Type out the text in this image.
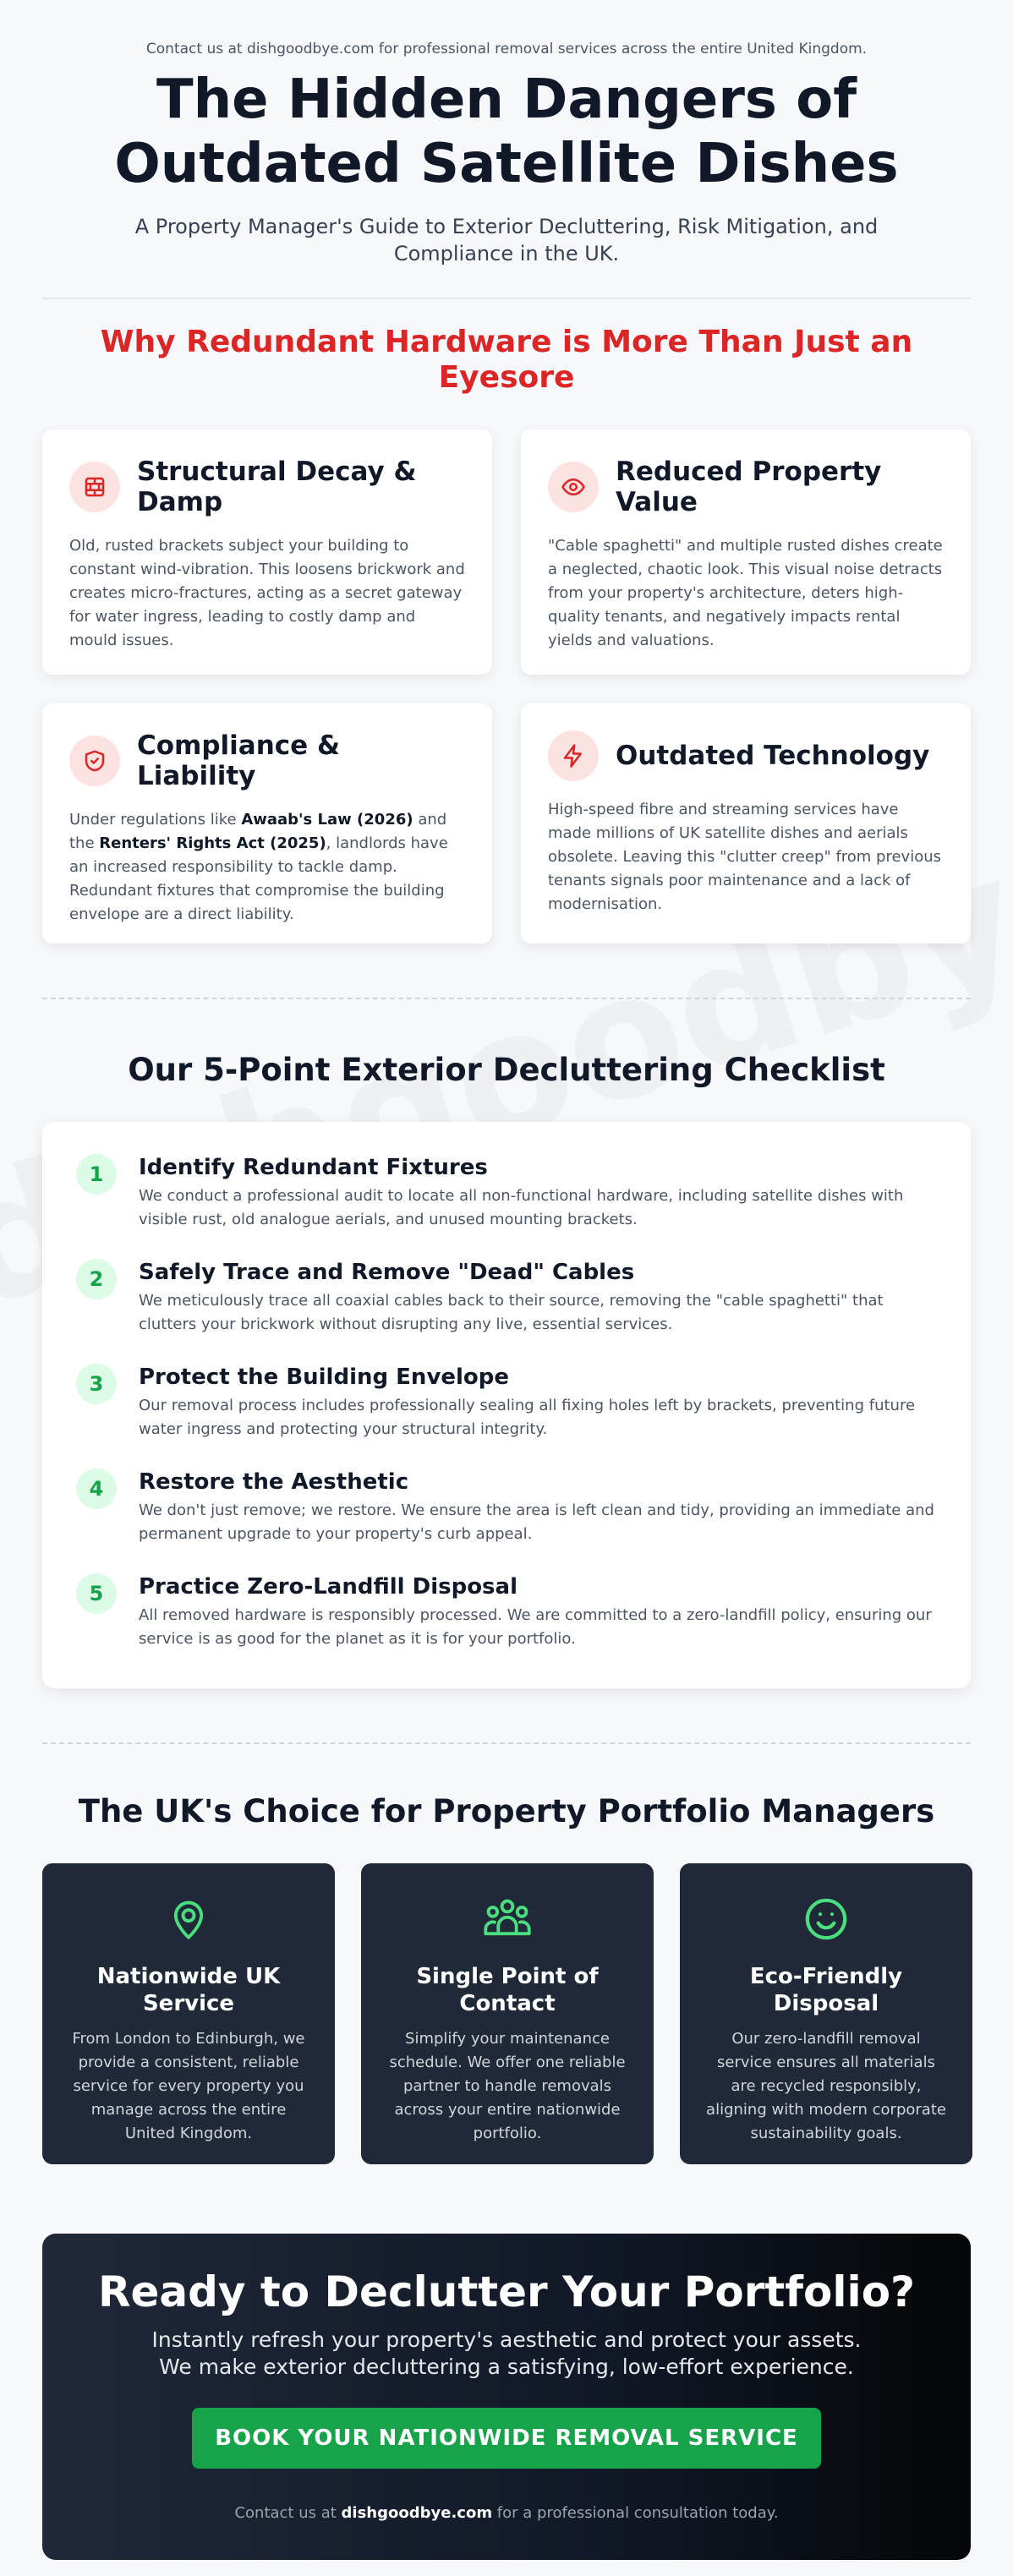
Contact us at dishgoodbye.com for professional removal services across the entire United Kingdom.

The Hidden Dangers of
Outdated Satellite Dishes

A Property Manager's Guide to Exterior Decluttering, Risk Mitigation, and Compliance in the UK.

Why Redundant Hardware is More Than Just an Eyesore
Structural Decay & Damp

Old, rusted brackets subject your building to constant wind-vibration. This loosens brickwork and creates micro-fractures, acting as a secret gateway for water ingress, leading to costly damp and mould issues.

Reduced Property Value

"Cable spaghetti" and multiple rusted dishes create a neglected, chaotic look. This visual noise detracts from your property's architecture, deters high-quality tenants, and negatively impacts rental yields and valuations.

Compliance & Liability

Under regulations like Awaab's Law (2026) and the Renters' Rights Act (2025), landlords have an increased responsibility to tackle damp. Redundant fixtures that compromise the building envelope are a direct liability.

Outdated Technology

High-speed fibre and streaming services have made millions of UK satellite dishes and aerials obsolete. Leaving this "clutter creep" from previous tenants signals poor maintenance and a lack of modernisation.

Our 5-Point Exterior Decluttering Checklist
1	Identify Redundant Fixtures

We conduct a professional audit to locate all non-functional hardware, including satellite dishes with visible rust, old analogue aerials, and unused mounting brackets.

2	Safely Trace and Remove "Dead" Cables

We meticulously trace all coaxial cables back to their source, removing the "cable spaghetti" that clutters your brickwork without disrupting any live, essential services.

3	Protect the Building Envelope

Our removal process includes professionally sealing all fixing holes left by brackets, preventing future water ingress and protecting your structural integrity.

4	Restore the Aesthetic

We don't just remove; we restore. We ensure the area is left clean and tidy, providing an immediate and permanent upgrade to your property's curb appeal.

5	Practice Zero-Landfill Disposal

All removed hardware is responsibly processed. We are committed to a zero-landfill policy, ensuring our service is as good for the planet as it is for your portfolio.

The UK's Choice for Property Portfolio Managers
Nationwide UK Service

From London to Edinburgh, we provide a consistent, reliable service for every property you manage across the entire United Kingdom.

Single Point of Contact

Simplify your maintenance schedule. We offer one reliable partner to handle removals across your entire nationwide portfolio.

Eco-Friendly Disposal

Our zero-landfill removal service ensures all materials are recycled responsibly, aligning with modern corporate sustainability goals.

Ready to Declutter Your Portfolio?

Instantly refresh your property's aesthetic and protect your assets.
We make exterior decluttering a satisfying, low-effort experience.

BOOK YOUR NATIONWIDE REMOVAL SERVICE

Contact us at dishgoodbye.com for a professional consultation today.
